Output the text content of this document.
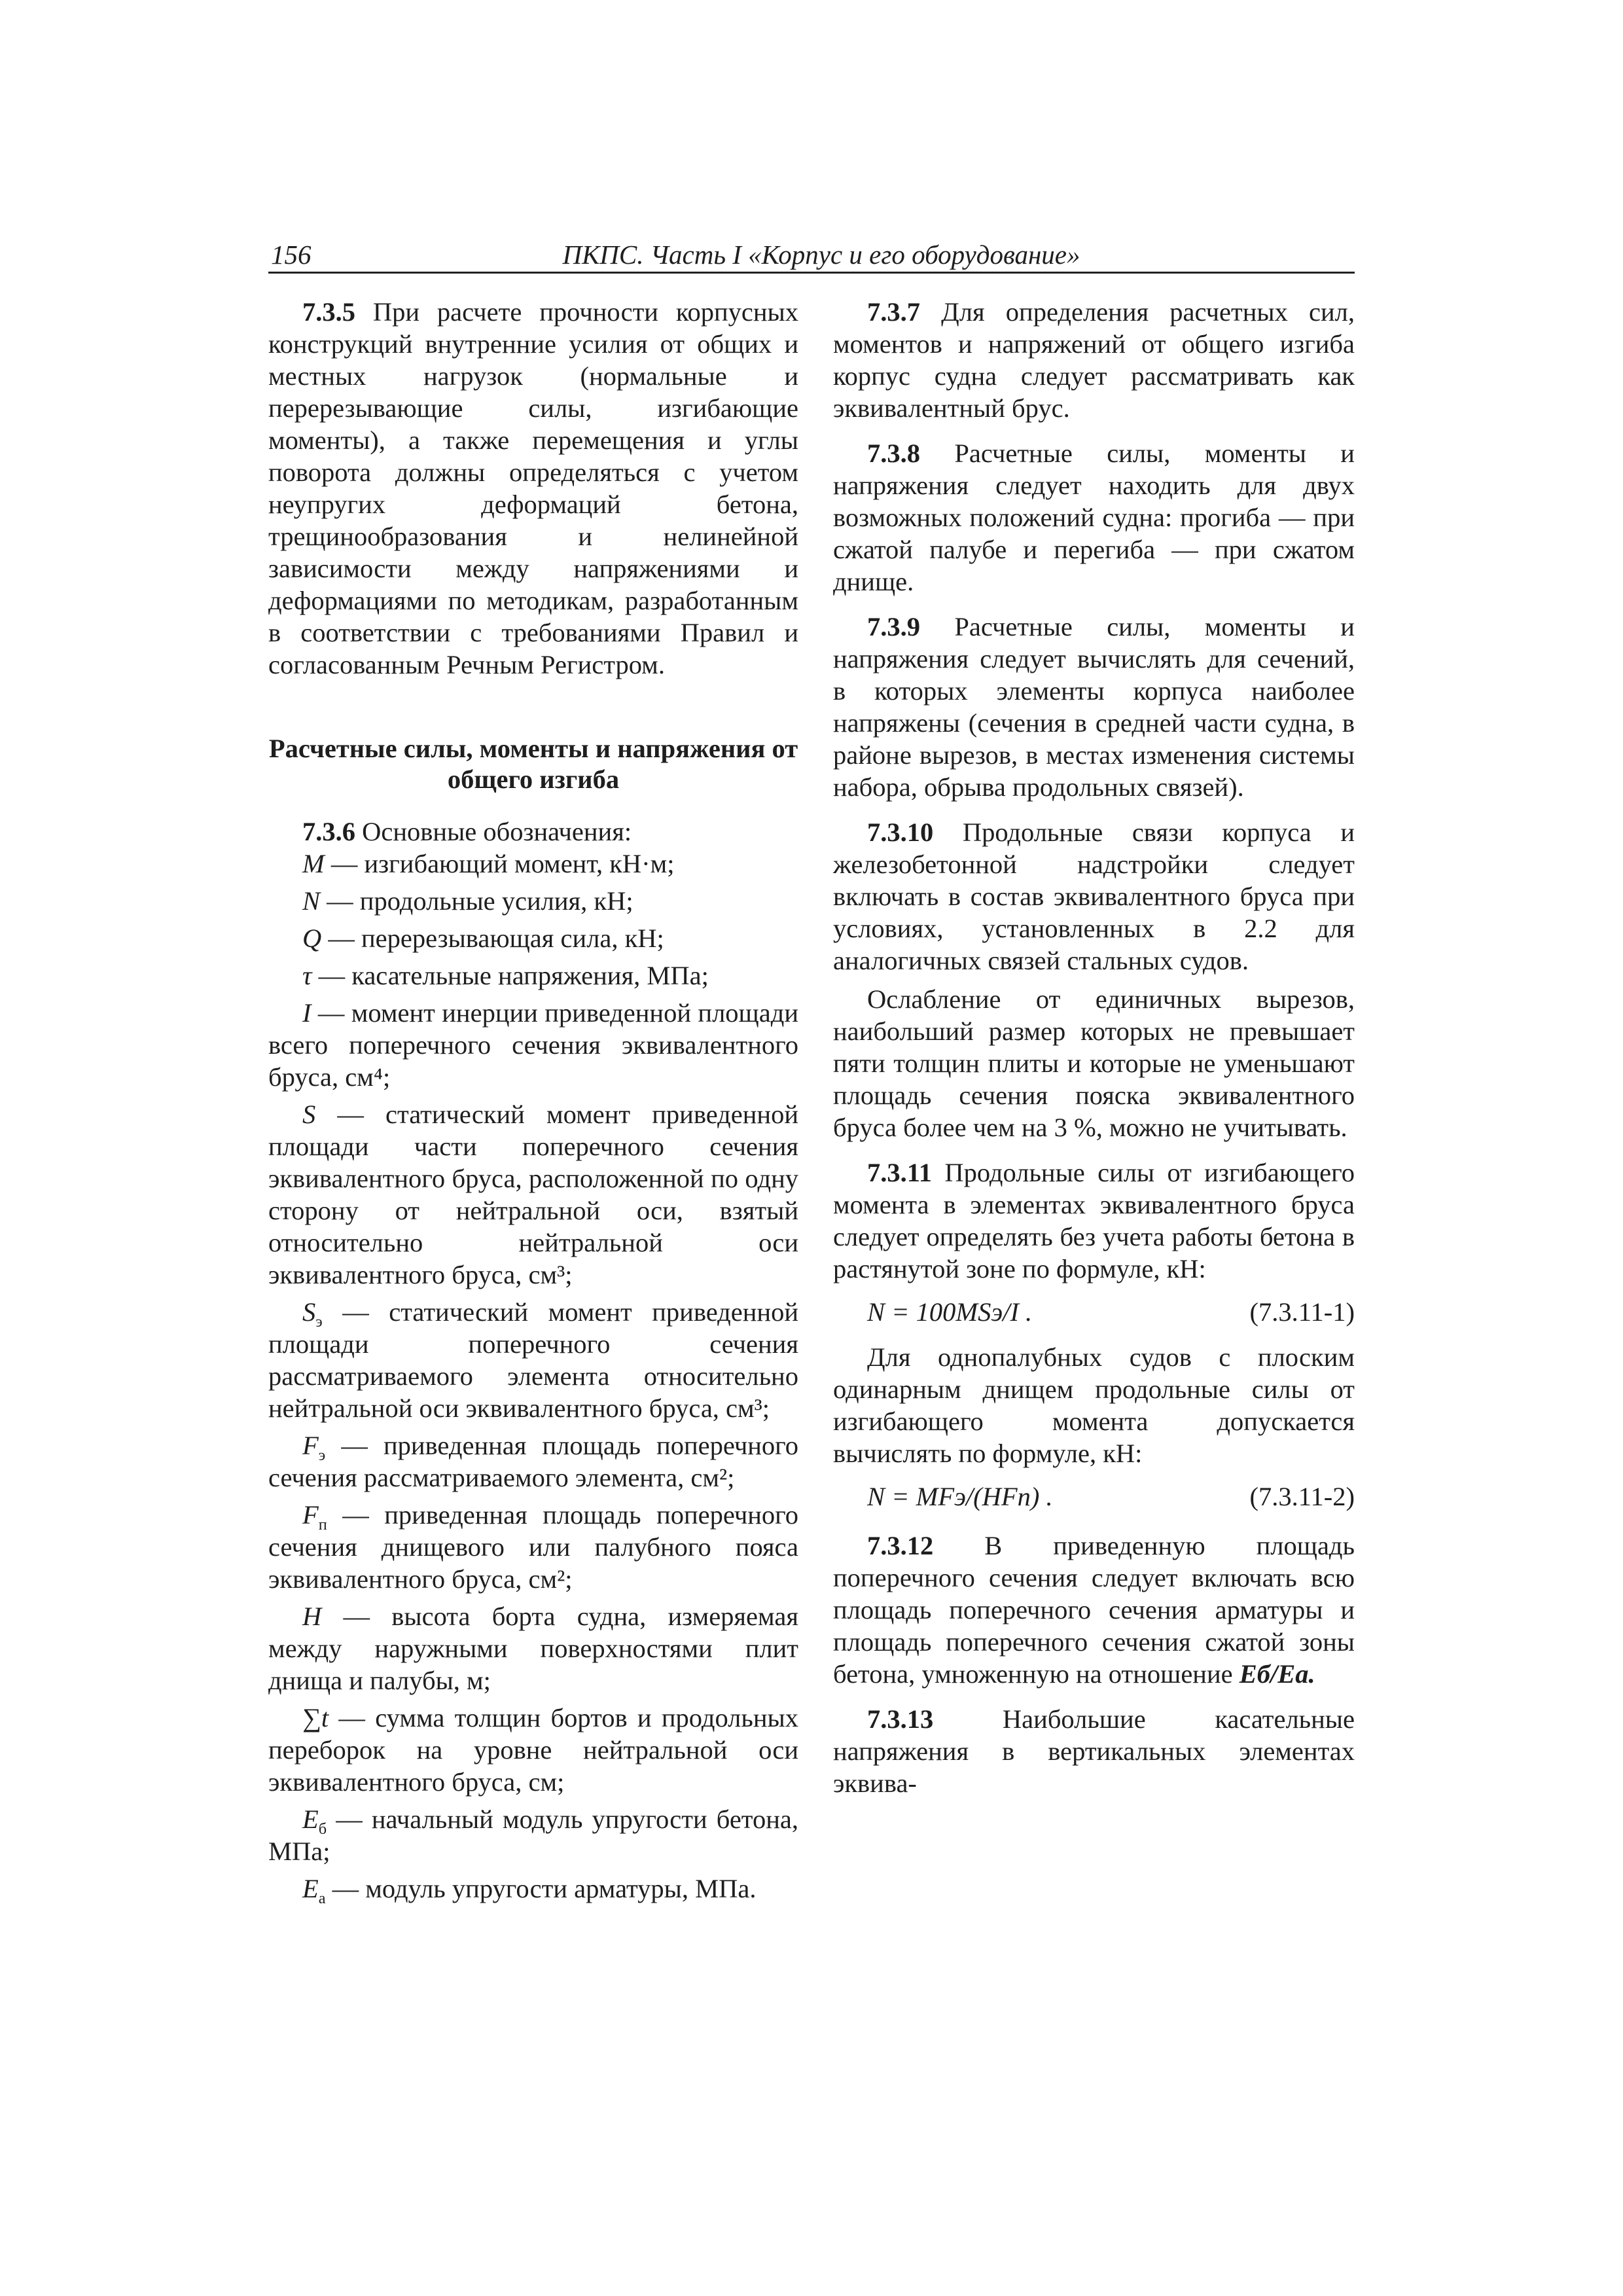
156	ПКПС. Часть I «Корпус и его оборудование»

7.3.5 При расчете прочности корпусных конструкций внутренние усилия от общих и местных нагрузок (нормальные и перерезывающие силы, изгибающие моменты), а также перемещения и углы поворота должны определяться с учетом неупругих деформаций бетона, трещинообразования и нелинейной зависимости между напряжениями и деформациями по методикам, разработанным в соответствии с требованиями Правил и согласованным Речным Регистром.

Расчетные силы, моменты и напряжения от общего изгиба

7.3.6 Основные обозначения:

M — изгибающий момент, кН·м;

N — продольные усилия, кН;

Q — перерезывающая сила, кН;

τ — касательные напряжения, МПа;

I — момент инерции приведенной площади всего поперечного сечения эквивалентного бруса, см⁴;

S — статический момент приведенной площади части поперечного сечения эквивалентного бруса, расположенной по одну сторону от нейтральной оси, взятый относительно нейтральной оси эквивалентного бруса, см³;

$S_э$ — статический момент приведенной площади поперечного сечения рассматриваемого элемента относительно нейтральной оси эквивалентного бруса, см³;

$F_э$ — приведенная площадь поперечного сечения рассматриваемого элемента, см²;

$F_п$ — приведенная площадь поперечного сечения днищевого или палубного пояса эквивалентного бруса, см²;

H — высота борта судна, измеряемая между наружными поверхностями плит днища и палубы, м;

∑t — сумма толщин бортов и продольных переборок на уровне нейтральной оси эквивалентного бруса, см;

$E_б$ — начальный модуль упругости бетона, МПа;

$E_а$ — модуль упругости арматуры, МПа.

7.3.7 Для определения расчетных сил, моментов и напряжений от общего изгиба корпус судна следует рассматривать как эквивалентный брус.

7.3.8 Расчетные силы, моменты и напряжения следует находить для двух возможных положений судна: прогиба — при сжатой палубе и перегиба — при сжатом днище.

7.3.9 Расчетные силы, моменты и напряжения следует вычислять для сечений, в которых элементы корпуса наиболее напряжены (сечения в средней части судна, в районе вырезов, в местах изменения системы набора, обрыва продольных связей).

7.3.10 Продольные связи корпуса и железобетонной надстройки следует включать в состав эквивалентного бруса при условиях, установленных в 2.2 для аналогичных связей стальных судов.

Ослабление от единичных вырезов, наибольший размер которых не превышает пяти толщин плиты и которые не уменьшают площадь сечения пояска эквивалентного бруса более чем на 3 %, можно не учитывать.

7.3.11 Продольные силы от изгибающего момента в элементах эквивалентного бруса следует определять без учета работы бетона в растянутой зоне по формуле, кН:

N = 100MSэ/I .	(7.3.11-1)

Для однопалубных судов с плоским одинарным днищем продольные силы от изгибающего момента допускается вычислять по формуле, кН:

N = MFэ/(HFп) .	(7.3.11-2)

7.3.12 В приведенную площадь поперечного сечения следует включать всю площадь поперечного сечения арматуры и площадь поперечного сечения сжатой зоны бетона, умноженную на отношение Eб/Eа.

7.3.13 Наибольшие касательные напряжения в вертикальных элементах эквива-
